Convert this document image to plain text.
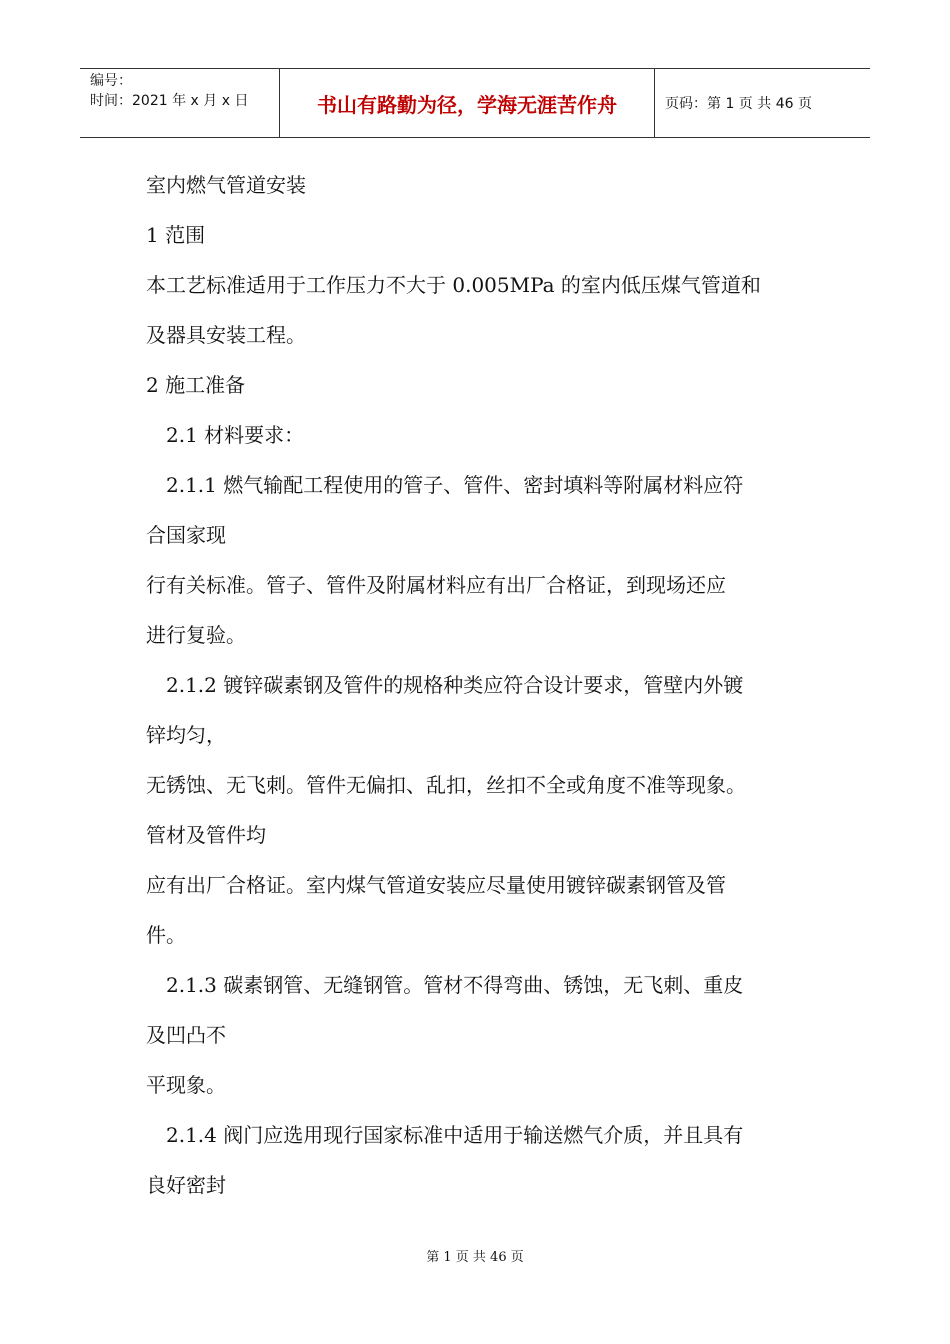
编号：
时间：2021 年 x 月 x 日	书山有路勤为径，学海无涯苦作舟	页码：第 1 页 共 46 页
室内燃气管道安装
1 范围
本工艺标准适用于工作压力不大于 0.005MPa 的室内低压煤气管道和
及器具安装工程。
2 施工准备
2.1 材料要求：
2.1.1 燃气输配工程使用的管子、管件、密封填料等附属材料应符
合国家现
行有关标准。管子、管件及附属材料应有出厂合格证，到现场还应
进行复验。
2.1.2 镀锌碳素钢及管件的规格种类应符合设计要求，管壁内外镀
锌均匀，
无锈蚀、无飞刺。管件无偏扣、乱扣，丝扣不全或角度不准等现象。
管材及管件均
应有出厂合格证。室内煤气管道安装应尽量使用镀锌碳素钢管及管
件。
2.1.3 碳素钢管、无缝钢管。管材不得弯曲、锈蚀，无飞刺、重皮
及凹凸不
平现象。
2.1.4 阀门应选用现行国家标准中适用于输送燃气介质，并且具有
良好密封
第 1 页 共 46 页
